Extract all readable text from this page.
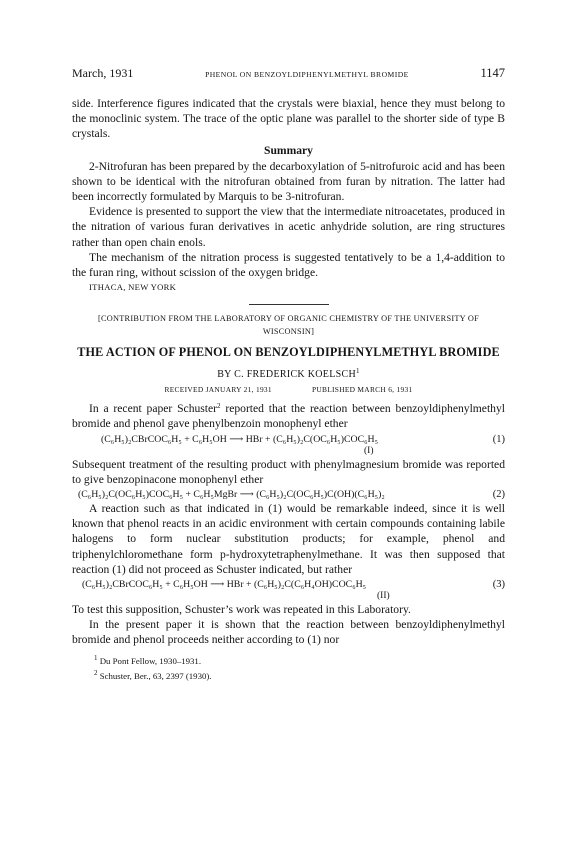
March, 1931	PHENOL ON BENZOYLDIPHENYLMETHYL BROMIDE	1147

side. Interference figures indicated that the crystals were biaxial, hence they must belong to the monoclinic system. The trace of the optic plane was parallel to the shorter side of type B crystals.

Summary

2-Nitrofuran has been prepared by the decarboxylation of 5-nitrofuroic acid and has been shown to be identical with the nitrofuran obtained from furan by nitration. The latter had been incorrectly formulated by Marquis to be 3-nitrofuran.

Evidence is presented to support the view that the intermediate nitroacetates, produced in the nitration of various furan derivatives in acetic anhydride solution, are ring structures rather than open chain enols.

The mechanism of the nitration process is suggested tentatively to be a 1,4-addition to the furan ring, without scission of the oxygen bridge.

ITHACA, NEW YORK
[CONTRIBUTION FROM THE LABORATORY OF ORGANIC CHEMISTRY OF THE UNIVERSITY OF WISCONSIN]
THE ACTION OF PHENOL ON BENZOYLDIPHENYLMETHYL BROMIDE
BY C. FREDERICK KOELSCH$^1$
RECEIVED JANUARY 21, 1931	PUBLISHED MARCH 6, 1931

In a recent paper Schuster$^2$ reported that the reaction between benzoyldiphenylmethyl bromide and phenol gave phenylbenzoin monophenyl ether

(C₆H₅)₂CBrCOC₆H₅ + C₆H₅OH ⟶ HBr + (C₆H₅)₂C(OC₆H₅)COC₆H₅	(1)
(I)

Subsequent treatment of the resulting product with phenylmagnesium bromide was reported to give benzopinacone monophenyl ether

(C₆H₅)₂C(OC₆H₅)COC₆H₅ + C₆H₅MgBr ⟶ (C₆H₅)₂C(OC₆H₅)C(OH)(C₆H₅)₂	(2)

A reaction such as that indicated in (1) would be remarkable indeed, since it is well known that phenol reacts in an acidic environment with certain compounds containing labile halogens to form nuclear substitution products; for example, phenol and triphenylchloromethane form p-hydroxytetraphenylmethane. It was then supposed that reaction (1) did not proceed as Schuster indicated, but rather

(C₆H₅)₂CBrCOC₆H₅ + C₆H₅OH ⟶ HBr + (C₆H₅)₂C(C₆H₄OH)COC₆H₅	(3)
(II)

To test this supposition, Schuster’s work was repeated in this Laboratory.

In the present paper it is shown that the reaction between benzoyldiphenylmethyl bromide and phenol proceeds neither according to (1) nor

$^1$ Du Pont Fellow, 1930–1931.
$^2$ Schuster, Ber., 63, 2397 (1930).
